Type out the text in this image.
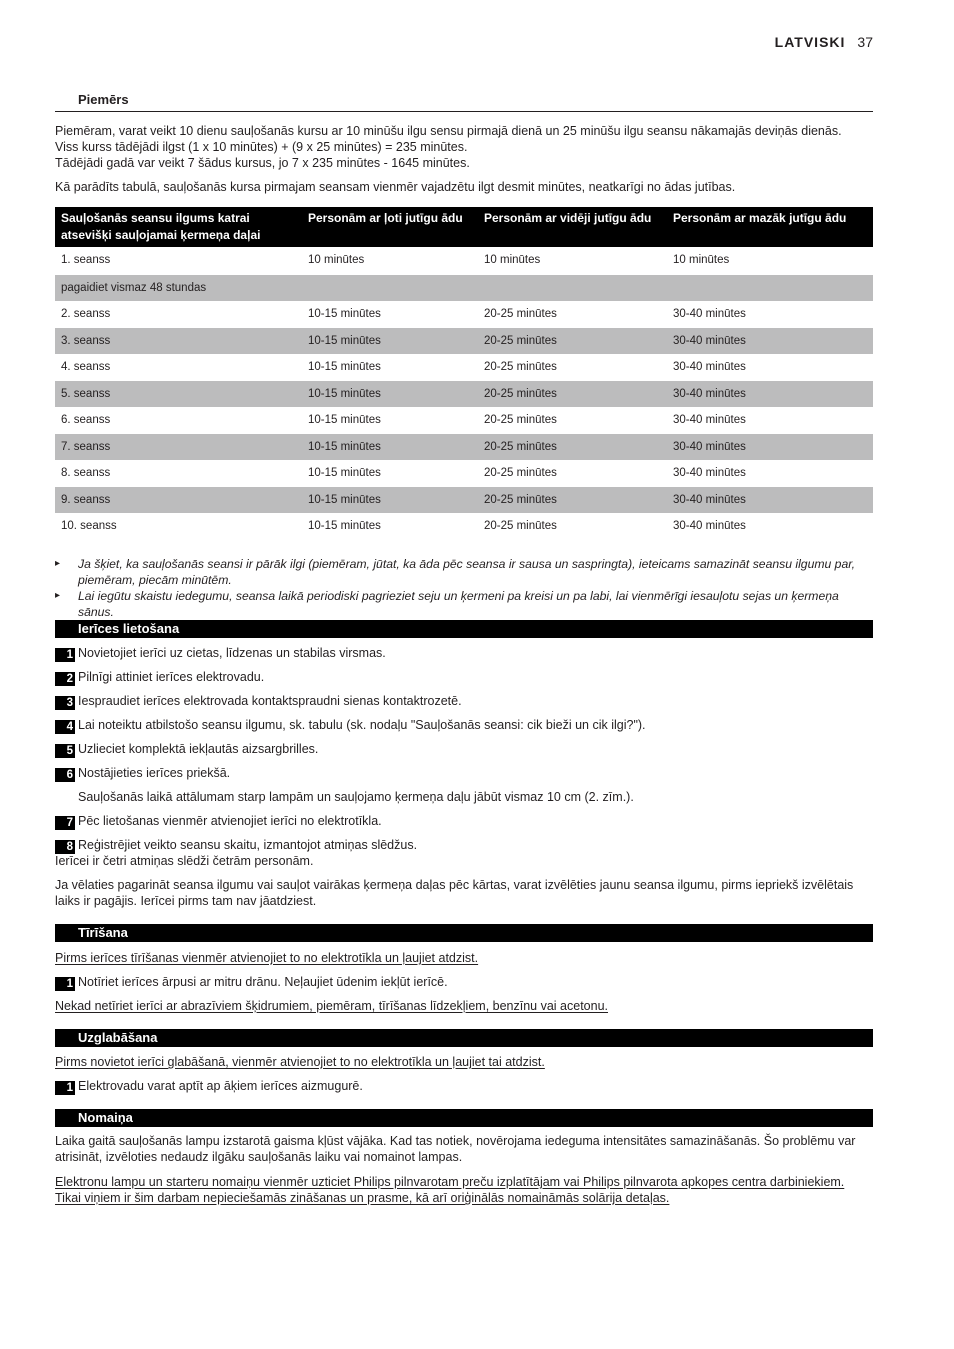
LATVISKI 37
Piemērs

Piemēram, varat veikt 10 dienu sauļošanās kursu ar 10 minūšu ilgu sensu pirmajā dienā un 25 minūšu ilgu seansu nākamajās deviņās dienās.

Viss kurss tādējādi ilgst (1 x 10 minūtes) + (9 x 25 minūtes) = 235 minūtes.

Tādējādi gadā var veikt 7 šādus kursus, jo 7 x 235 minūtes - 1645 minūtes.

Kā parādīts tabulā, sauļošanās kursa pirmajam seansam vienmēr vajadzētu ilgt desmit minūtes, neatkarīgi no ādas jutības.

Sauļošanās seansu ilgums katrai atsevišķi sauļojamai ķermeņa daļai	Personām ar ļoti jutīgu ādu	Personām ar vidēji jutīgu ādu	Personām ar mazāk jutīgu ādu
1. seanss	10 minūtes	10 minūtes	10 minūtes
pagaidiet vismaz 48 stundas			
2. seanss	10-15 minūtes	20-25 minūtes	30-40 minūtes
3. seanss	10-15 minūtes	20-25 minūtes	30-40 minūtes
4. seanss	10-15 minūtes	20-25 minūtes	30-40 minūtes
5. seanss	10-15 minūtes	20-25 minūtes	30-40 minūtes
6. seanss	10-15 minūtes	20-25 minūtes	30-40 minūtes
7. seanss	10-15 minūtes	20-25 minūtes	30-40 minūtes
8. seanss	10-15 minūtes	20-25 minūtes	30-40 minūtes
9. seanss	10-15 minūtes	20-25 minūtes	30-40 minūtes
10. seanss	10-15 minūtes	20-25 minūtes	30-40 minūtes
▸ Ja šķiet, ka sauļošanās seansi ir pārāk ilgi (piemēram, jūtat, ka āda pēc seansa ir sausa un saspringta), ieteicams samazināt seansu ilgumu par, piemēram, piecām minūtēm.
▸ Lai iegūtu skaistu iedegumu, seansa laikā periodiski pagrieziet seju un ķermeni pa kreisi un pa labi, lai vienmērīgi iesauļotu sejas un ķermeņa sānus.
Ierīces lietošana
1 Novietojiet ierīci uz cietas, līdzenas un stabilas virsmas.
2 Pilnīgi attiniet ierīces elektrovadu.
3 Iespraudiet ierīces elektrovada kontaktspraudni sienas kontaktrozetē.
4 Lai noteiktu atbilstošo seansu ilgumu, sk. tabulu (sk. nodaļu "Sauļošanās seansi: cik bieži un cik ilgi?").
5 Uzlieciet komplektā iekļautās aizsargbrilles.
6 Nostājieties ierīces priekšā.
Sauļošanās laikā attālumam starp lampām un sauļojamo ķermeņa daļu jābūt vismaz 10 cm (2. zīm.).
7 Pēc lietošanas vienmēr atvienojiet ierīci no elektrotīkla.
8 Reģistrējiet veikto seansu skaitu, izmantojot atmiņas slēdžus.
Ierīcei ir četri atmiņas slēdži četrām personām.
Ja vēlaties pagarināt seansa ilgumu vai sauļot vairākas ķermeņa daļas pēc kārtas, varat izvēlēties jaunu seansa ilgumu, pirms iepriekš izvēlētais laiks ir pagājis. Ierīcei pirms tam nav jāatdziest.
Tīrīšana
Pirms ierīces tīrīšanas vienmēr atvienojiet to no elektrotīkla un ļaujiet atdzist.
1 Notīriet ierīces ārpusi ar mitru drānu. Neļaujiet ūdenim iekļūt ierīcē.
Nekad netīriet ierīci ar abrazīviem šķidrumiem, piemēram, tīrīšanas līdzekļiem, benzīnu vai acetonu.
Uzglabāšana
Pirms novietot ierīci glabāšanā, vienmēr atvienojiet to no elektrotīkla un ļaujiet tai atdzist.
1 Elektrovadu varat aptīt ap āķiem ierīces aizmugurē.
Nomaiņa
Laika gaitā sauļošanās lampu izstarotā gaisma kļūst vājāka. Kad tas notiek, novērojama iedeguma intensitātes samazināšanās. Šo problēmu var atrisināt, izvēloties nedaudz ilgāku sauļošanās laiku vai nomainot lampas.
Elektronu lampu un starteru nomaiņu vienmēr uzticiet Philips pilnvarotam preču izplatītājam vai Philips pilnvarota apkopes centra darbiniekiem. Tikai viņiem ir šim darbam nepieciešamās zināšanas un prasme, kā arī oriģinālās nomaināmās solārija detaļas.
